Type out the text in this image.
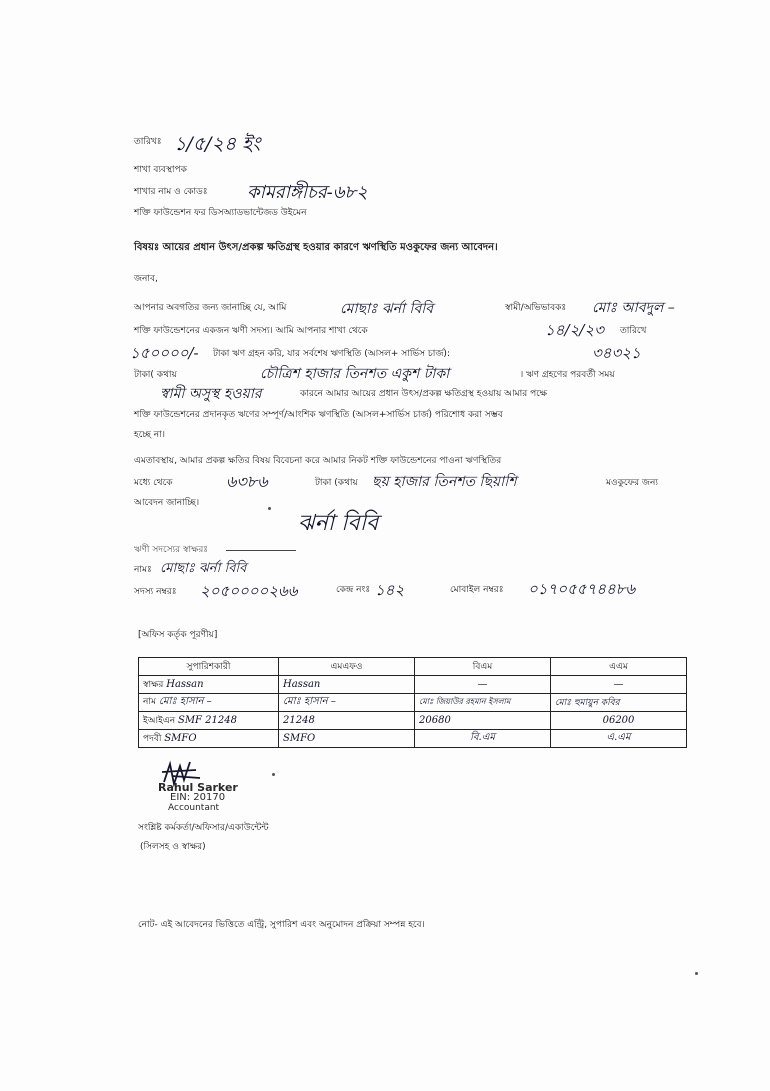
তারিখঃ ১/৫/২৪ ইং
শাখা ব্যবস্থাপক
শাখার নাম ও কোডঃ কামরাঙ্গীচর-৬৮২
শক্তি ফাউন্ডেশন ফর ডিসঅ্যাডভান্টেজড উইমেন
বিষয়ঃ আয়ের প্রধান উৎস/প্রকল্প ক্ষতিগ্রস্থ হওয়ার কারণে ঋণস্থিতি মওকুফের জন্য আবেদন।
জনাব,
আপনার অবগতির জন্য জানাচ্ছি যে, আমি	মোছাঃ ঝর্না বিবি	স্বামী/অভিভাবকঃ মোঃ আবদুল –
শক্তি ফাউন্ডেশনের একজন ঋণী সদস্য। আমি আপনার শাখা থেকে	১৪/২/২৩ তারিখে
১৫০০০০/- টাকা ঋণ গ্রহন করি, যার সর্বশেষ ঋণস্থিতি (আসল+ সার্ভিস চার্জ):	৩৪৩২১
টাকা( কথায়	চৌত্রিশ হাজার তিনশত একুশ টাকা	। ঋণ গ্রহণের পরবর্তী সময়
স্বামী অসুস্থ হওয়ার	কারনে আমার আয়ের প্রধান উৎস/প্রকল্প ক্ষতিগ্রস্থ হওয়ায় আমার পক্ষে
শক্তি ফাউন্ডেশনের প্রদানকৃত ঋণের সম্পূর্ণ/আংশিক ঋণস্থিতি (আসল+সার্ভিস চার্জ) পরিশোধ করা সম্ভব
হচ্ছে না।
এমতাবস্থায়, আমার প্রকল্প ক্ষতির বিষয় বিবেচনা করে আমার নিকট শক্তি ফাউন্ডেশনের পাওনা ঋণস্থিতির
মধ্যে থেকে	৬৩৮৬	টাকা (কথায় ছয় হাজার তিনশত ছিয়াশি	মওকুফের জন্য
আবেদন জানাচ্ছি।
ঝর্না বিবি
ঋণী সদস্যের স্বাক্ষরঃ
নামঃ মোছাঃ ঝর্না বিবি
সদস্য নম্বরঃ ২০৫০০০০২৬৬	কেন্দ্র নংঃ ১৪২	মোবাইল নম্বরঃ ০১৭০৫৫৭৪৪৮৬
[অফিস কর্তৃক পূরণীয়]
সুপারিশকারী	এমএফও	বিএম	এএম
স্বাক্ষর Hassan	Hassan	—	—
নাম মোঃ হাসান –	মোঃ হাসান –	মোঃ জিয়াউর রহমান ইসলাম	মোঃ হুমায়ুন কবির
ইআইএন SMF 21248	21248	20680	06200
পদবী SMFO	SMFO	বি.এম	এ.এম
Rahul Sarker
EIN: 20170
Accountant
সংশ্লিষ্ট কর্মকর্তা/অফিসার/একাউন্টেন্ট
(সিলসহ ও স্বাক্ষর)
নোট- এই আবেদনের ভিত্তিতে এন্ট্রি, সুপারিশ এবং অনুমোদন প্রক্রিয়া সম্পন্ন হবে।
